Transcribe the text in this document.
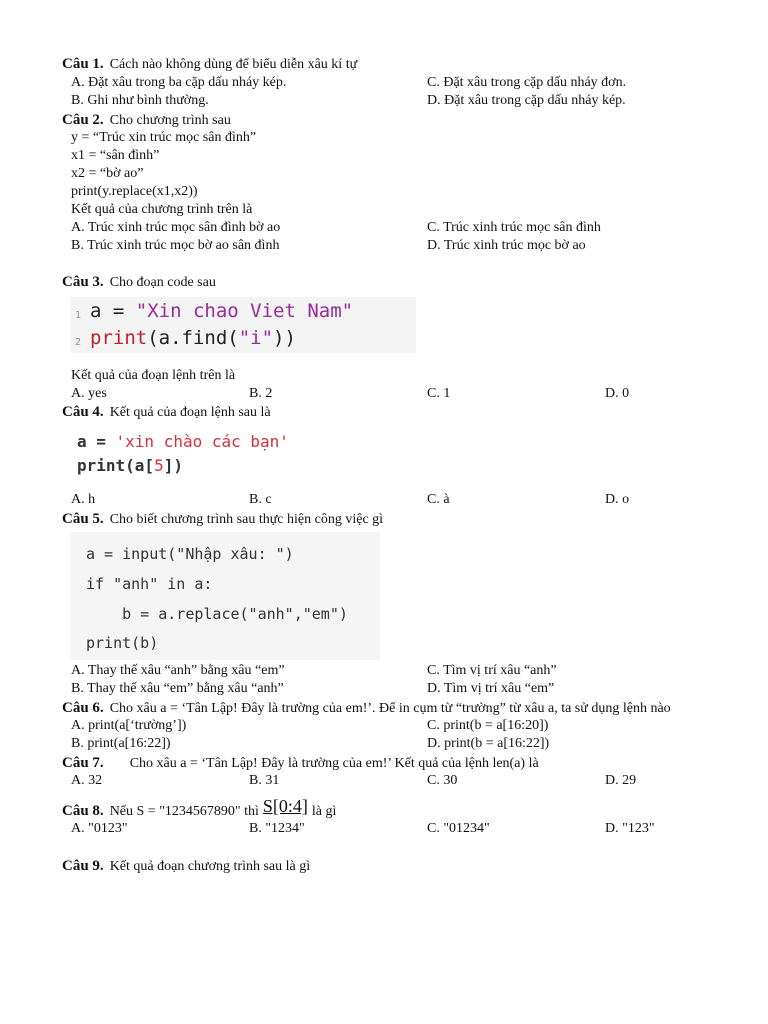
Câu 1. Cách nào không dùng để biểu diễn xâu kí tự
A. Đặt xâu trong ba cặp dấu nháy kép.	C. Đặt xâu trong cặp dấu nháy đơn.
B. Ghi như bình thường.	D. Đặt xâu trong cặp dấu nháy kép.
Câu 2. Cho chương trình sau
y = “Trúc xin trúc mọc sân đình”
x1 = “sân đình”
x2 = “bờ ao”
print(y.replace(x1,x2))
Kết quả của chương trình trên là
A. Trúc xinh trúc mọc sân đình bờ ao	C. Trúc xinh trúc mọc sân đình
B. Trúc xinh trúc mọc bờ ao sân đình	D. Trúc xinh trúc mọc bờ ao
Câu 3. Cho đoạn code sau
1 a = "Xin chao Viet Nam"
2 print(a.find("i"))
Kết quả của đoạn lệnh trên là
A. yes	B. 2	C. 1	D. 0
Câu 4. Kết quả của đoạn lệnh sau là
a = 'xin chào các bạn'
print(a[5])
A. h	B. c	C. à	D. o
Câu 5. Cho biết chương trình sau thực hiện công việc gì
a = input("Nhập xâu: ")
if "anh" in a:
b = a.replace("anh","em")
print(b)
A. Thay thế xâu “anh” bằng xâu “em”	C. Tìm vị trí xâu “anh”
B. Thay thế xâu “em” bằng xâu “anh”	D. Tìm vị trí xâu “em”
Câu 6. Cho xâu a = ‘Tân Lập! Đây là trường của em!’. Để in cụm từ “trường” từ xâu a, ta sử dụng lệnh nào
A. print(a[‘trường’])	C. print(b = a[16:20])
B. print(a[16:22])	D. print(b = a[16:22])
Câu 7. Cho xâu a = ‘Tân Lập! Đây là trường của em!’ Kết quả của lệnh len(a) là
A. 32	B. 31	C. 30	D. 29
Câu 8. Nếu S = "1234567890" thì S[0:4] là gì
A. "0123"	B. "1234"	C. "01234"	D. "123"
Câu 9. Kết quả đoạn chương trình sau là gì
